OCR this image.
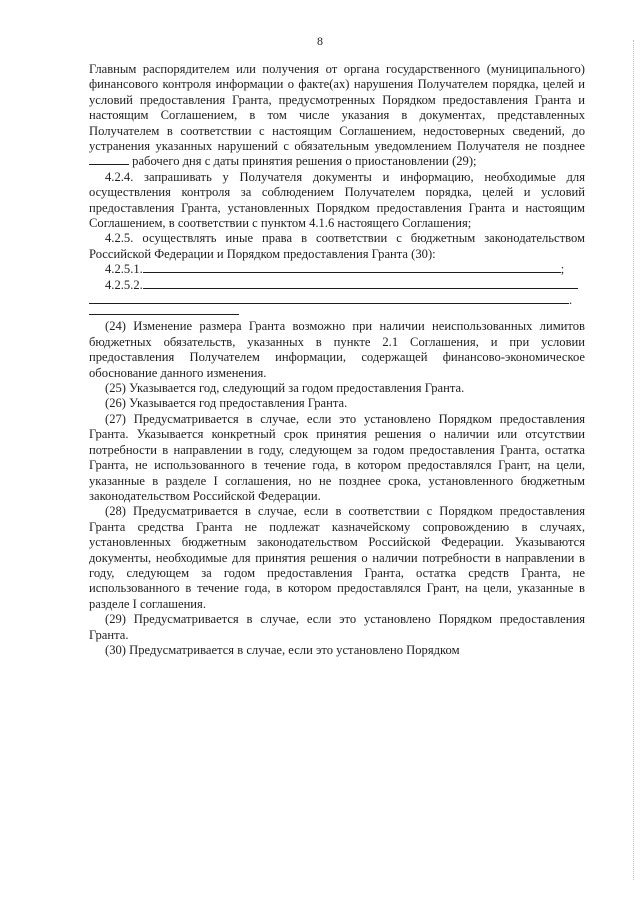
8

Главным распорядителем или получения от органа государственного (муниципального) финансового контроля информации о факте(ах) нарушения Получателем порядка, целей и условий предоставления Гранта, предусмотренных Порядком предоставления Гранта и настоящим Соглашением, в том числе указания в документах, представленных Получателем в соответствии с настоящим Соглашением, недостоверных сведений, до устранения указанных нарушений с обязательным уведомлением Получателя не позднее  рабочего дня с даты принятия решения о приостановлении (29);

4.2.4. запрашивать у Получателя документы и информацию, необходимые для осуществления контроля за соблюдением Получателем порядка, целей и условий предоставления Гранта, установленных Порядком предоставления Гранта и настоящим Соглашением, в соответствии с пунктом 4.1.6 настоящего Соглашения;

4.2.5. осуществлять иные права в соответствии с бюджетным законодательством Российской Федерации и Порядком предоставления Гранта (30):

4.2.5.1.	;
4.2.5.2.
.

(24) Изменение размера Гранта возможно при наличии неиспользованных лимитов бюджетных обязательств, указанных в пункте 2.1 Соглашения, и при условии предоставления Получателем информации, содержащей финансово-экономическое обоснование данного изменения.

(25) Указывается год, следующий за годом предоставления Гранта.

(26) Указывается год предоставления Гранта.

(27) Предусматривается в случае, если это установлено Порядком предоставления Гранта. Указывается конкретный срок принятия решения о наличии или отсутствии потребности в направлении в году, следующем за годом предоставления Гранта, остатка Гранта, не использованного в течение года, в котором предоставлялся Грант, на цели, указанные в разделе I соглашения, но не позднее срока, установленного бюджетным законодательством Российской Федерации.

(28) Предусматривается в случае, если в соответствии с Порядком предоставления Гранта средства Гранта не подлежат казначейскому сопровождению в случаях, установленных бюджетным законодательством Российской Федерации. Указываются документы, необходимые для принятия решения о наличии потребности в направлении в году, следующем за годом предоставления Гранта, остатка средств Гранта, не использованного в течение года, в котором предоставлялся Грант, на цели, указанные в разделе I соглашения.

(29) Предусматривается в случае, если это установлено Порядком предоставления Гранта.

(30) Предусматривается в случае, если это установлено Порядком
